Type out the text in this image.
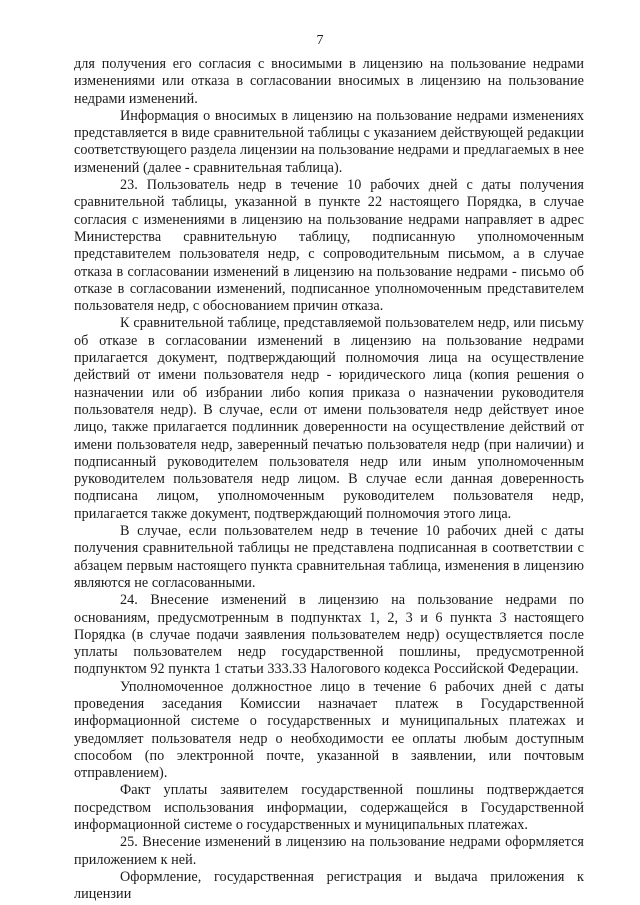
7

для получения его согласия с вносимыми в лицензию на пользование недрами изменениями или отказа в согласовании вносимых в лицензию на пользование недрами изменений.

Информация о вносимых в лицензию на пользование недрами изменениях представляется в виде сравнительной таблицы с указанием действующей редакции соответствующего раздела лицензии на пользование недрами и предлагаемых в нее изменений (далее - сравнительная таблица).

23. Пользователь недр в течение 10 рабочих дней с даты получения сравнительной таблицы, указанной в пункте 22 настоящего Порядка, в случае согласия с изменениями в лицензию на пользование недрами направляет в адрес Министерства сравнительную таблицу, подписанную уполномоченным представителем пользователя недр, с сопроводительным письмом, а в случае отказа в согласовании изменений в лицензию на пользование недрами - письмо об отказе в согласовании изменений, подписанное уполномоченным представителем пользователя недр, с обоснованием причин отказа.

К сравнительной таблице, представляемой пользователем недр, или письму об отказе в согласовании изменений в лицензию на пользование недрами прилагается документ, подтверждающий полномочия лица на осуществление действий от имени пользователя недр - юридического лица (копия решения о назначении или об избрании либо копия приказа о назначении руководителя пользователя недр). В случае, если от имени пользователя недр действует иное лицо, также прилагается подлинник доверенности на осуществление действий от имени пользователя недр, заверенный печатью пользователя недр (при наличии) и подписанный руководителем пользователя недр или иным уполномоченным руководителем пользователя недр лицом. В случае если данная доверенность подписана лицом, уполномоченным руководителем пользователя недр, прилагается также документ, подтверждающий полномочия этого лица.

В случае, если пользователем недр в течение 10 рабочих дней с даты получения сравнительной таблицы не представлена подписанная в соответствии с абзацем первым настоящего пункта сравнительная таблица, изменения в лицензию являются не согласованными.

24. Внесение изменений в лицензию на пользование недрами по основаниям, предусмотренным в подпунктах 1, 2, 3 и 6 пункта 3 настоящего Порядка (в случае подачи заявления пользователем недр) осуществляется после уплаты пользователем недр государственной пошлины, предусмотренной подпунктом 92 пункта 1 статьи 333.33 Налогового кодекса Российской Федерации.

Уполномоченное должностное лицо в течение 6 рабочих дней с даты проведения заседания Комиссии назначает платеж в Государственной информационной системе о государственных и муниципальных платежах и уведомляет пользователя недр о необходимости ее оплаты любым доступным способом (по электронной почте, указанной в заявлении, или почтовым отправлением).

Факт уплаты заявителем государственной пошлины подтверждается посредством использования информации, содержащейся в Государственной информационной системе о государственных и муниципальных платежах.

25. Внесение изменений в лицензию на пользование недрами оформляется приложением к ней.

Оформление, государственная регистрация и выдача приложения к лицензии
